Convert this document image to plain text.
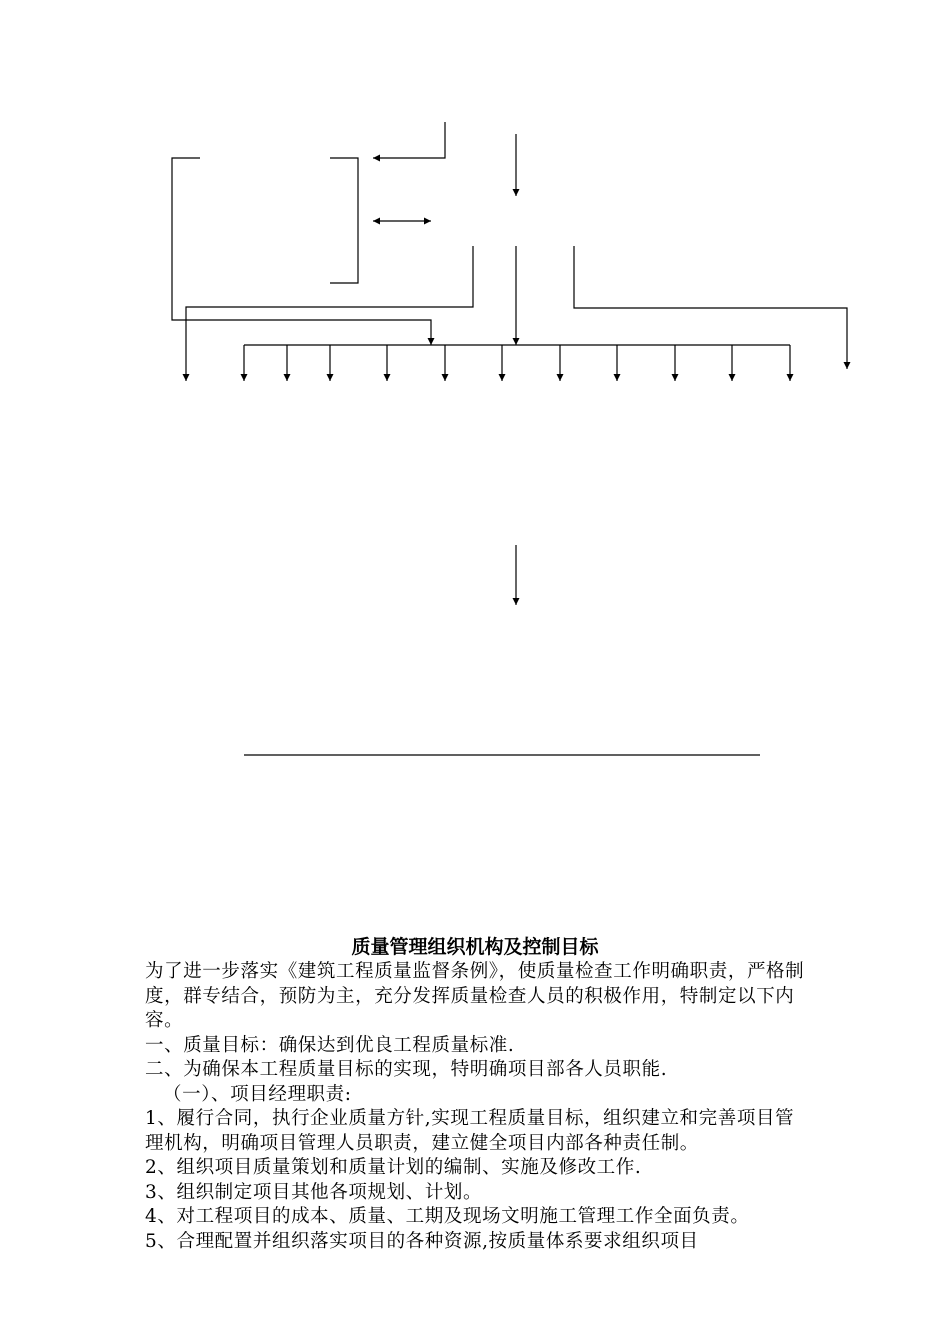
质量管理组织机构及控制目标

为了进一步落实《建筑工程质量监督条例》，使质量检查工作明确职责，严格制度，群专结合，预防为主，充分发挥质量检查人员的积极作用，特制定以下内容。

一、质量目标：确保达到优良工程质量标准.

二、为确保本工程质量目标的实现，特明确项目部各人员职能.

（一）、项目经理职责:

1、履行合同，执行企业质量方针,实现工程质量目标，组织建立和完善项目管理机构，明确项目管理人员职责，建立健全项目内部各种责任制。

2、组织项目质量策划和质量计划的编制、实施及修改工作.

3、组织制定项目其他各项规划、计划。

4、对工程项目的成本、质量、工期及现场文明施工管理工作全面负责。

5、合理配置并组织落实项目的各种资源,按质量体系要求组织项目
